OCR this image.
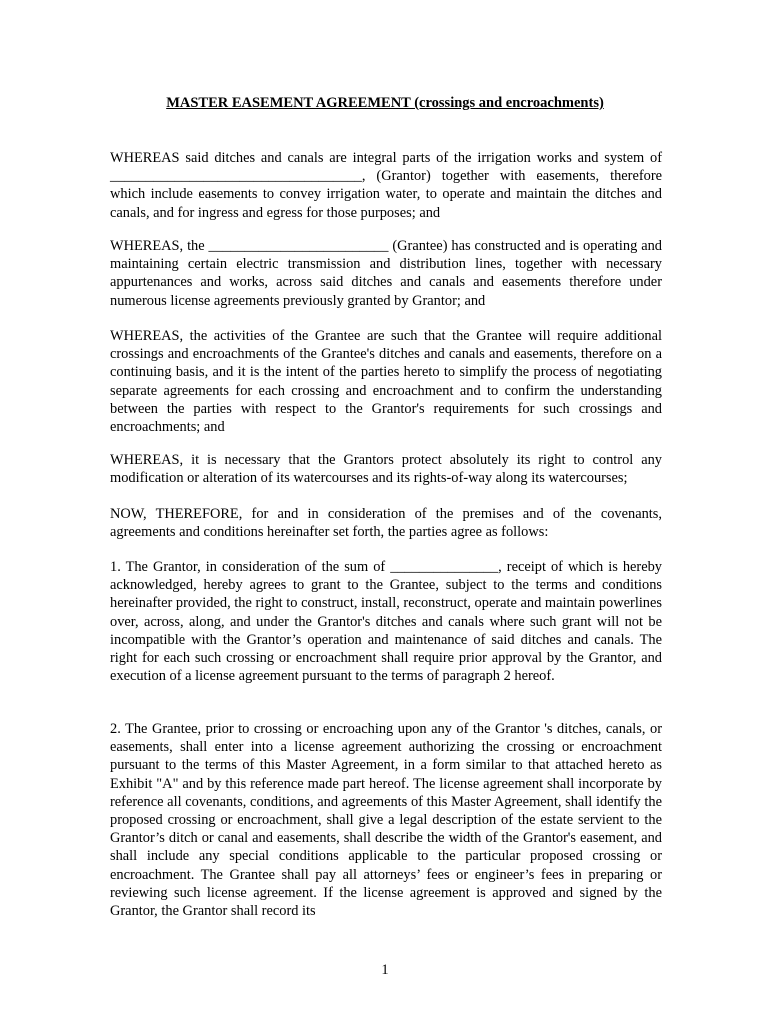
MASTER EASEMENT AGREEMENT (crossings and encroachments)

WHEREAS said ditches and canals are integral parts of the irrigation works and system of ___________________________________, (Grantor) together with easements, therefore which include easements to convey irrigation water, to operate and maintain the ditches and canals, and for ingress and egress for those purposes; and

WHEREAS, the _________________________ (Grantee) has constructed and is operating and maintaining certain electric transmission and distribution lines, together with necessary appurtenances and works, across said ditches and canals and easements therefore under numerous license agreements previously granted by Grantor; and

WHEREAS, the activities of the Grantee are such that the Grantee will require additional crossings and encroachments of the Grantee's ditches and canals and easements, therefore on a continuing basis, and it is the intent of the parties hereto to simplify the process of negotiating separate agreements for each crossing and encroachment and to confirm the understanding between the parties with respect to the Grantor's requirements for such crossings and encroachments; and

WHEREAS, it is necessary that the Grantors protect absolutely its right to control any modification or alteration of its watercourses and its rights-of-way along its watercourses;

NOW, THEREFORE, for and in consideration of the premises and of the covenants, agreements and conditions hereinafter set forth, the parties agree as follows:

1. The Grantor, in consideration of the sum of _______________, receipt of which is hereby acknowledged, hereby agrees to grant to the Grantee, subject to the terms and conditions hereinafter provided, the right to construct, install, reconstruct, operate and maintain powerlines over, across, along, and under the Grantor's ditches and canals where such grant will not be incompatible with the Grantor’s operation and maintenance of said ditches and canals. The right for each such crossing or encroachment shall require prior approval by the Grantor, and execution of a license agreement pursuant to the terms of paragraph 2 hereof.

2. The Grantee, prior to crossing or encroaching upon any of the Grantor 's ditches, canals, or easements, shall enter into a license agreement authorizing the crossing or encroachment pursuant to the terms of this Master Agreement, in a form similar to that attached hereto as Exhibit "A" and by this reference made part hereof. The license agreement shall incorporate by reference all covenants, conditions, and agreements of this Master Agreement, shall identify the proposed crossing or encroachment, shall give a legal description of the estate servient to the Grantor’s ditch or canal and easements, shall describe the width of the Grantor's easement, and shall include any special conditions applicable to the particular proposed crossing or encroachment. The Grantee shall pay all attorneys’ fees or engineer’s fees in preparing or reviewing such license agreement. If the license agreement is approved and signed by the Grantor, the Grantor shall record its

1
